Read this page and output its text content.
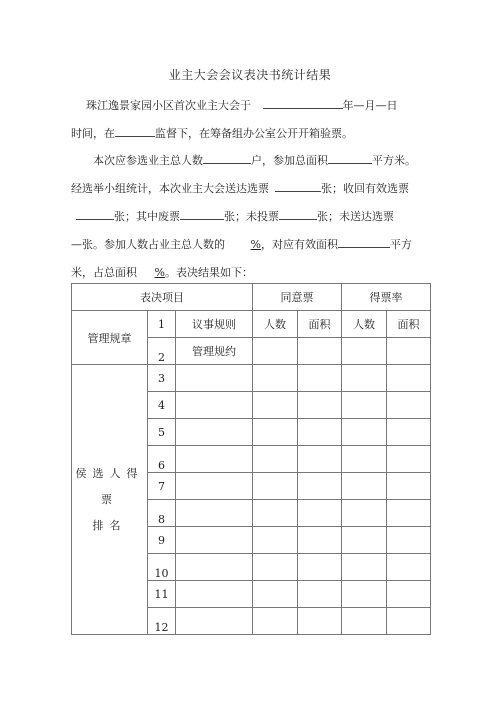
业主大会会议表决书统计结果
珠江逸景家园小区首次业主大会于	年—月—日
时间，在	监督下，在筹备组办公室公开开箱验票。
本次应参选业主总人数	户，参加总面积	平方米。
经选举小组统计，本次业主大会送达选票	张；收回有效选票
张；其中废票	张；未投票	张；未送达选票
—张。参加人数占业主总人数的 %，对应有效面积	平方
米，占总面积 %。表决结果如下：
表决项目			同意票		得票率	
管理规章	1	议事规则	人数	面积	人数	面积
	2	管理规约				

侯选人得票
排名	3					
	4					
	5					
	6					
	7					
	8					
	9					
	10					
	11					
	12					
